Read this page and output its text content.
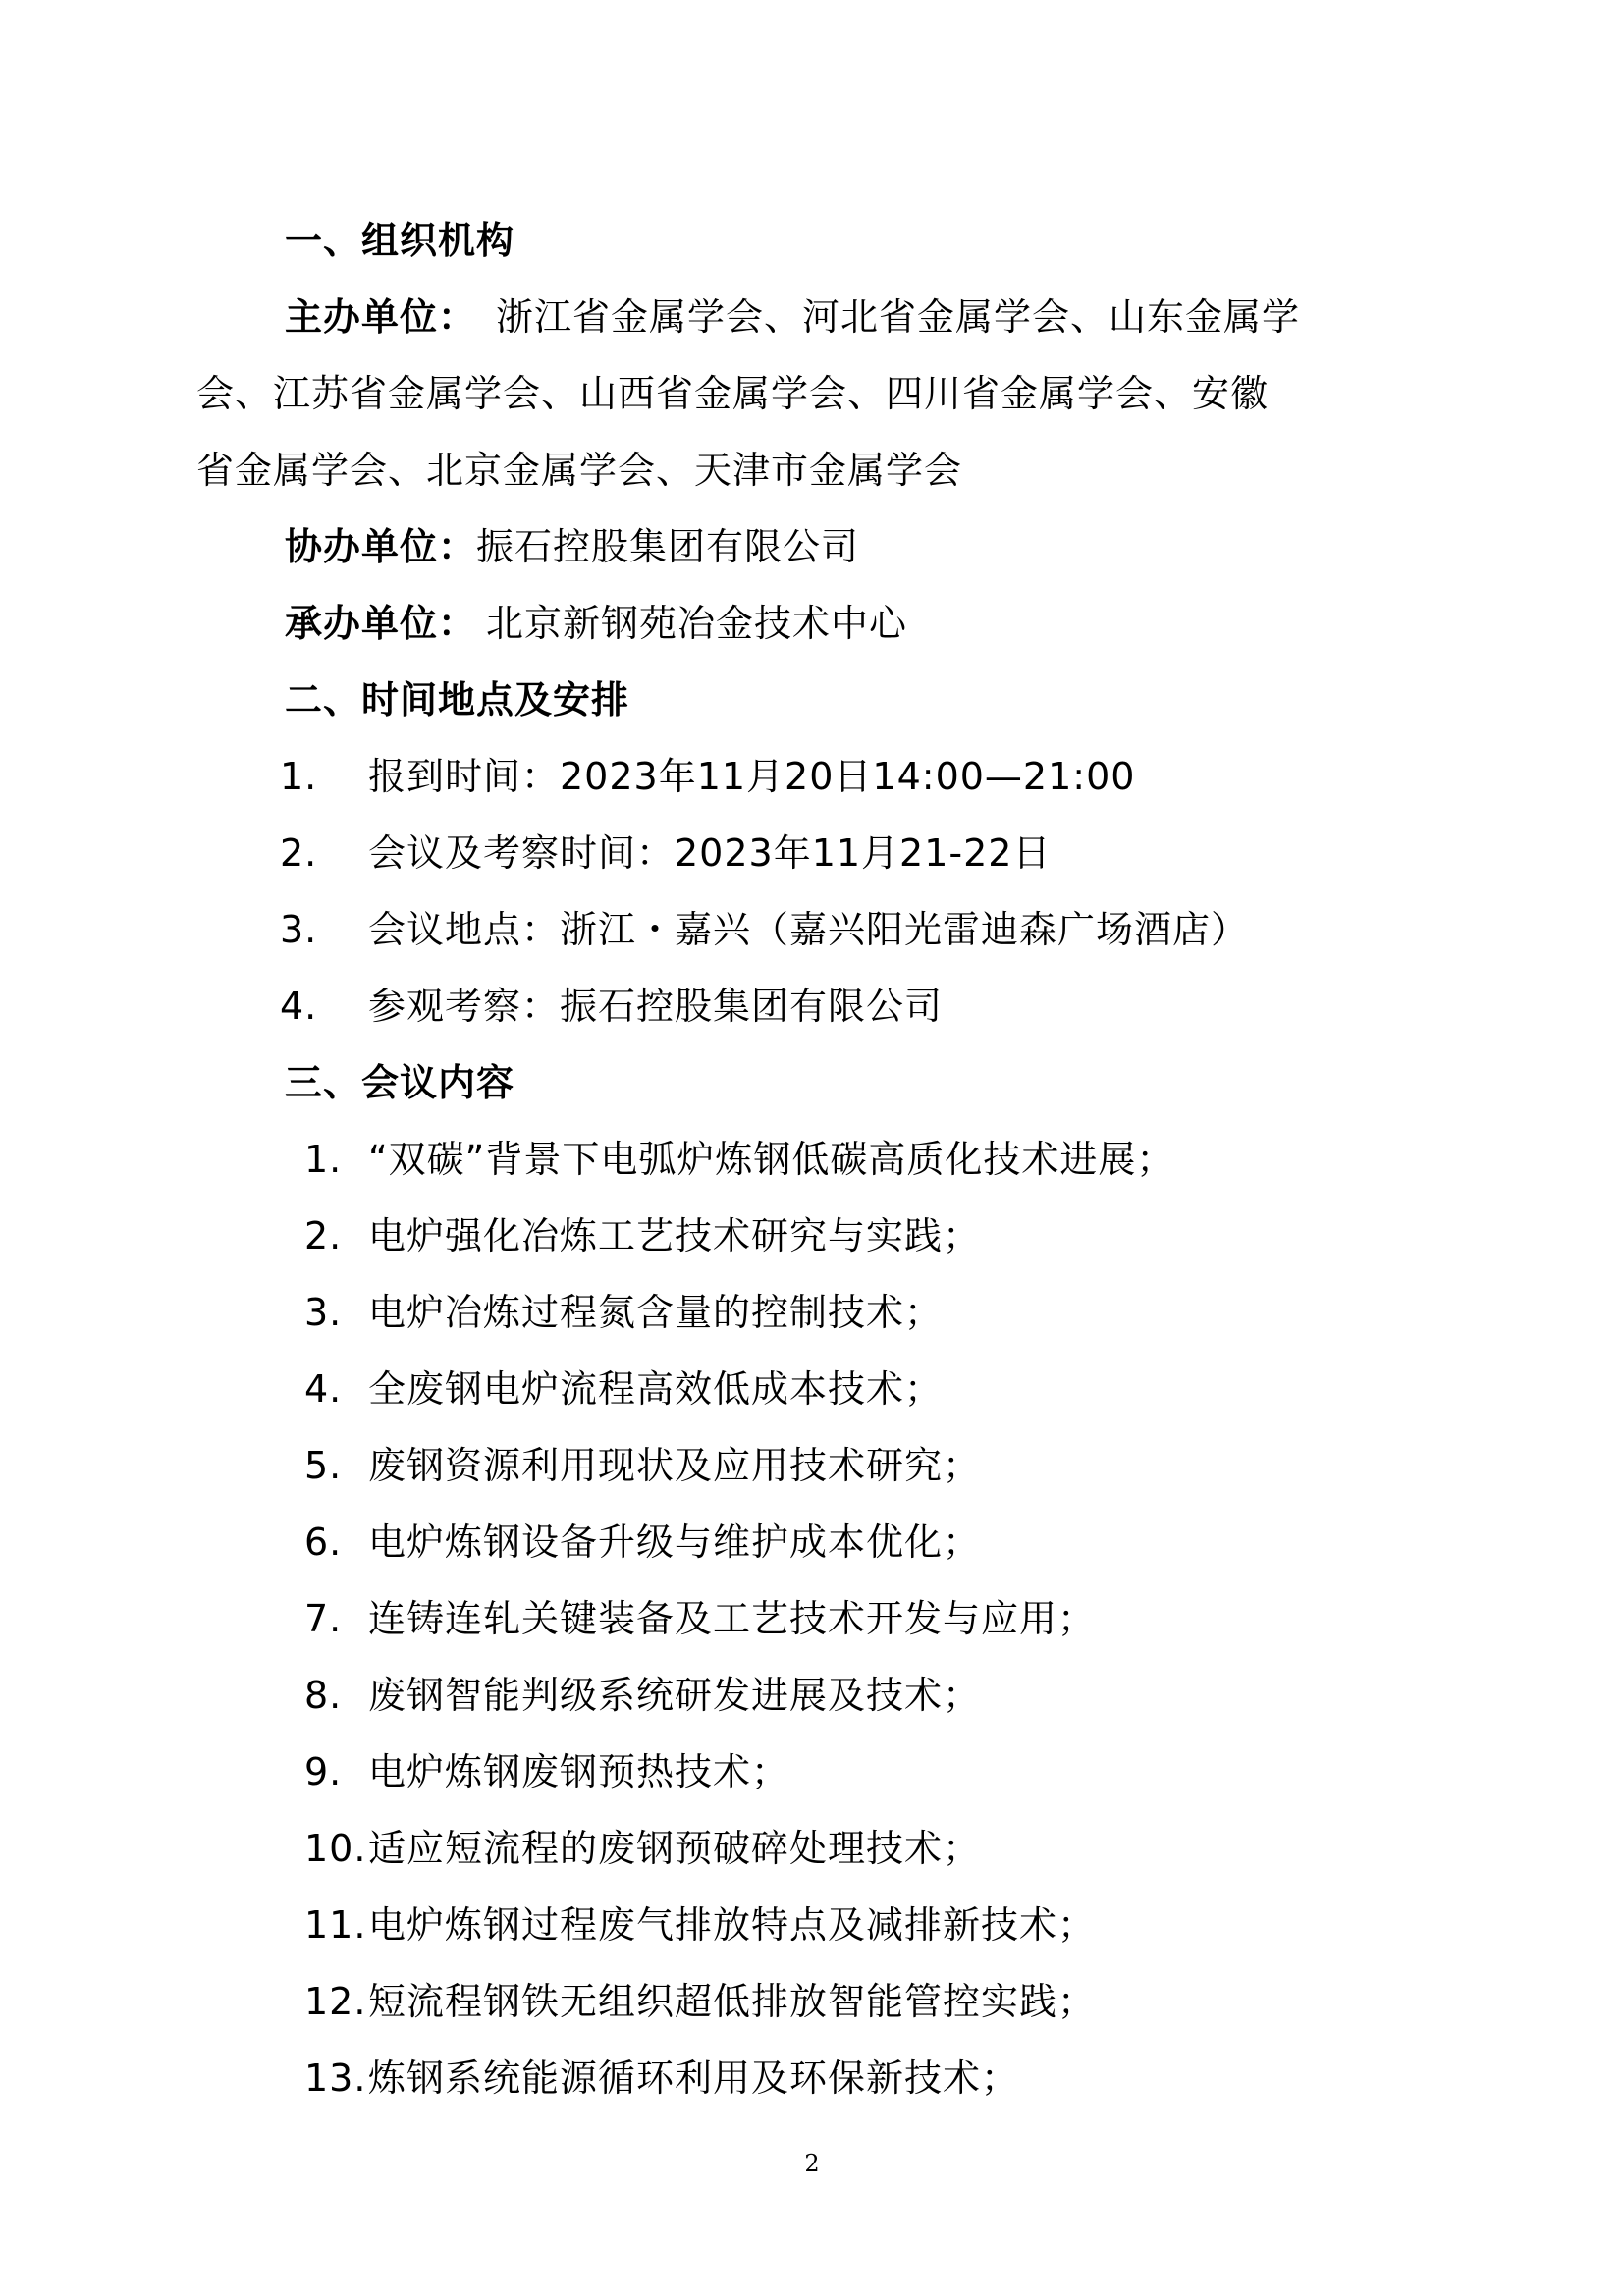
一、组织机构
主办单位： 浙江省金属学会、河北省金属学会、山东金属学
会、江苏省金属学会、山西省金属学会、四川省金属学会、安徽
省金属学会、北京金属学会、天津市金属学会
协办单位： 振石控股集团有限公司
承办单位： 北京新钢苑冶金技术中心
二、时间地点及安排
1. 报到时间：2023年11月20日14:00—21:00
2. 会议及考察时间：2023年11月21-22日
3. 会议地点：浙江・嘉兴（嘉兴阳光雷迪森广场酒店）
4. 参观考察：振石控股集团有限公司
三、会议内容
1. “双碳”背景下电弧炉炼钢低碳高质化技术进展；
2. 电炉强化冶炼工艺技术研究与实践；
3. 电炉冶炼过程氮含量的控制技术；
4. 全废钢电炉流程高效低成本技术；
5. 废钢资源利用现状及应用技术研究；
6. 电炉炼钢设备升级与维护成本优化；
7. 连铸连轧关键装备及工艺技术开发与应用；
8. 废钢智能判级系统研发进展及技术；
9. 电炉炼钢废钢预热技术；
10. 适应短流程的废钢预破碎处理技术；
11. 电炉炼钢过程废气排放特点及减排新技术；
12. 短流程钢铁无组织超低排放智能管控实践；
13. 炼钢系统能源循环利用及环保新技术；
2
